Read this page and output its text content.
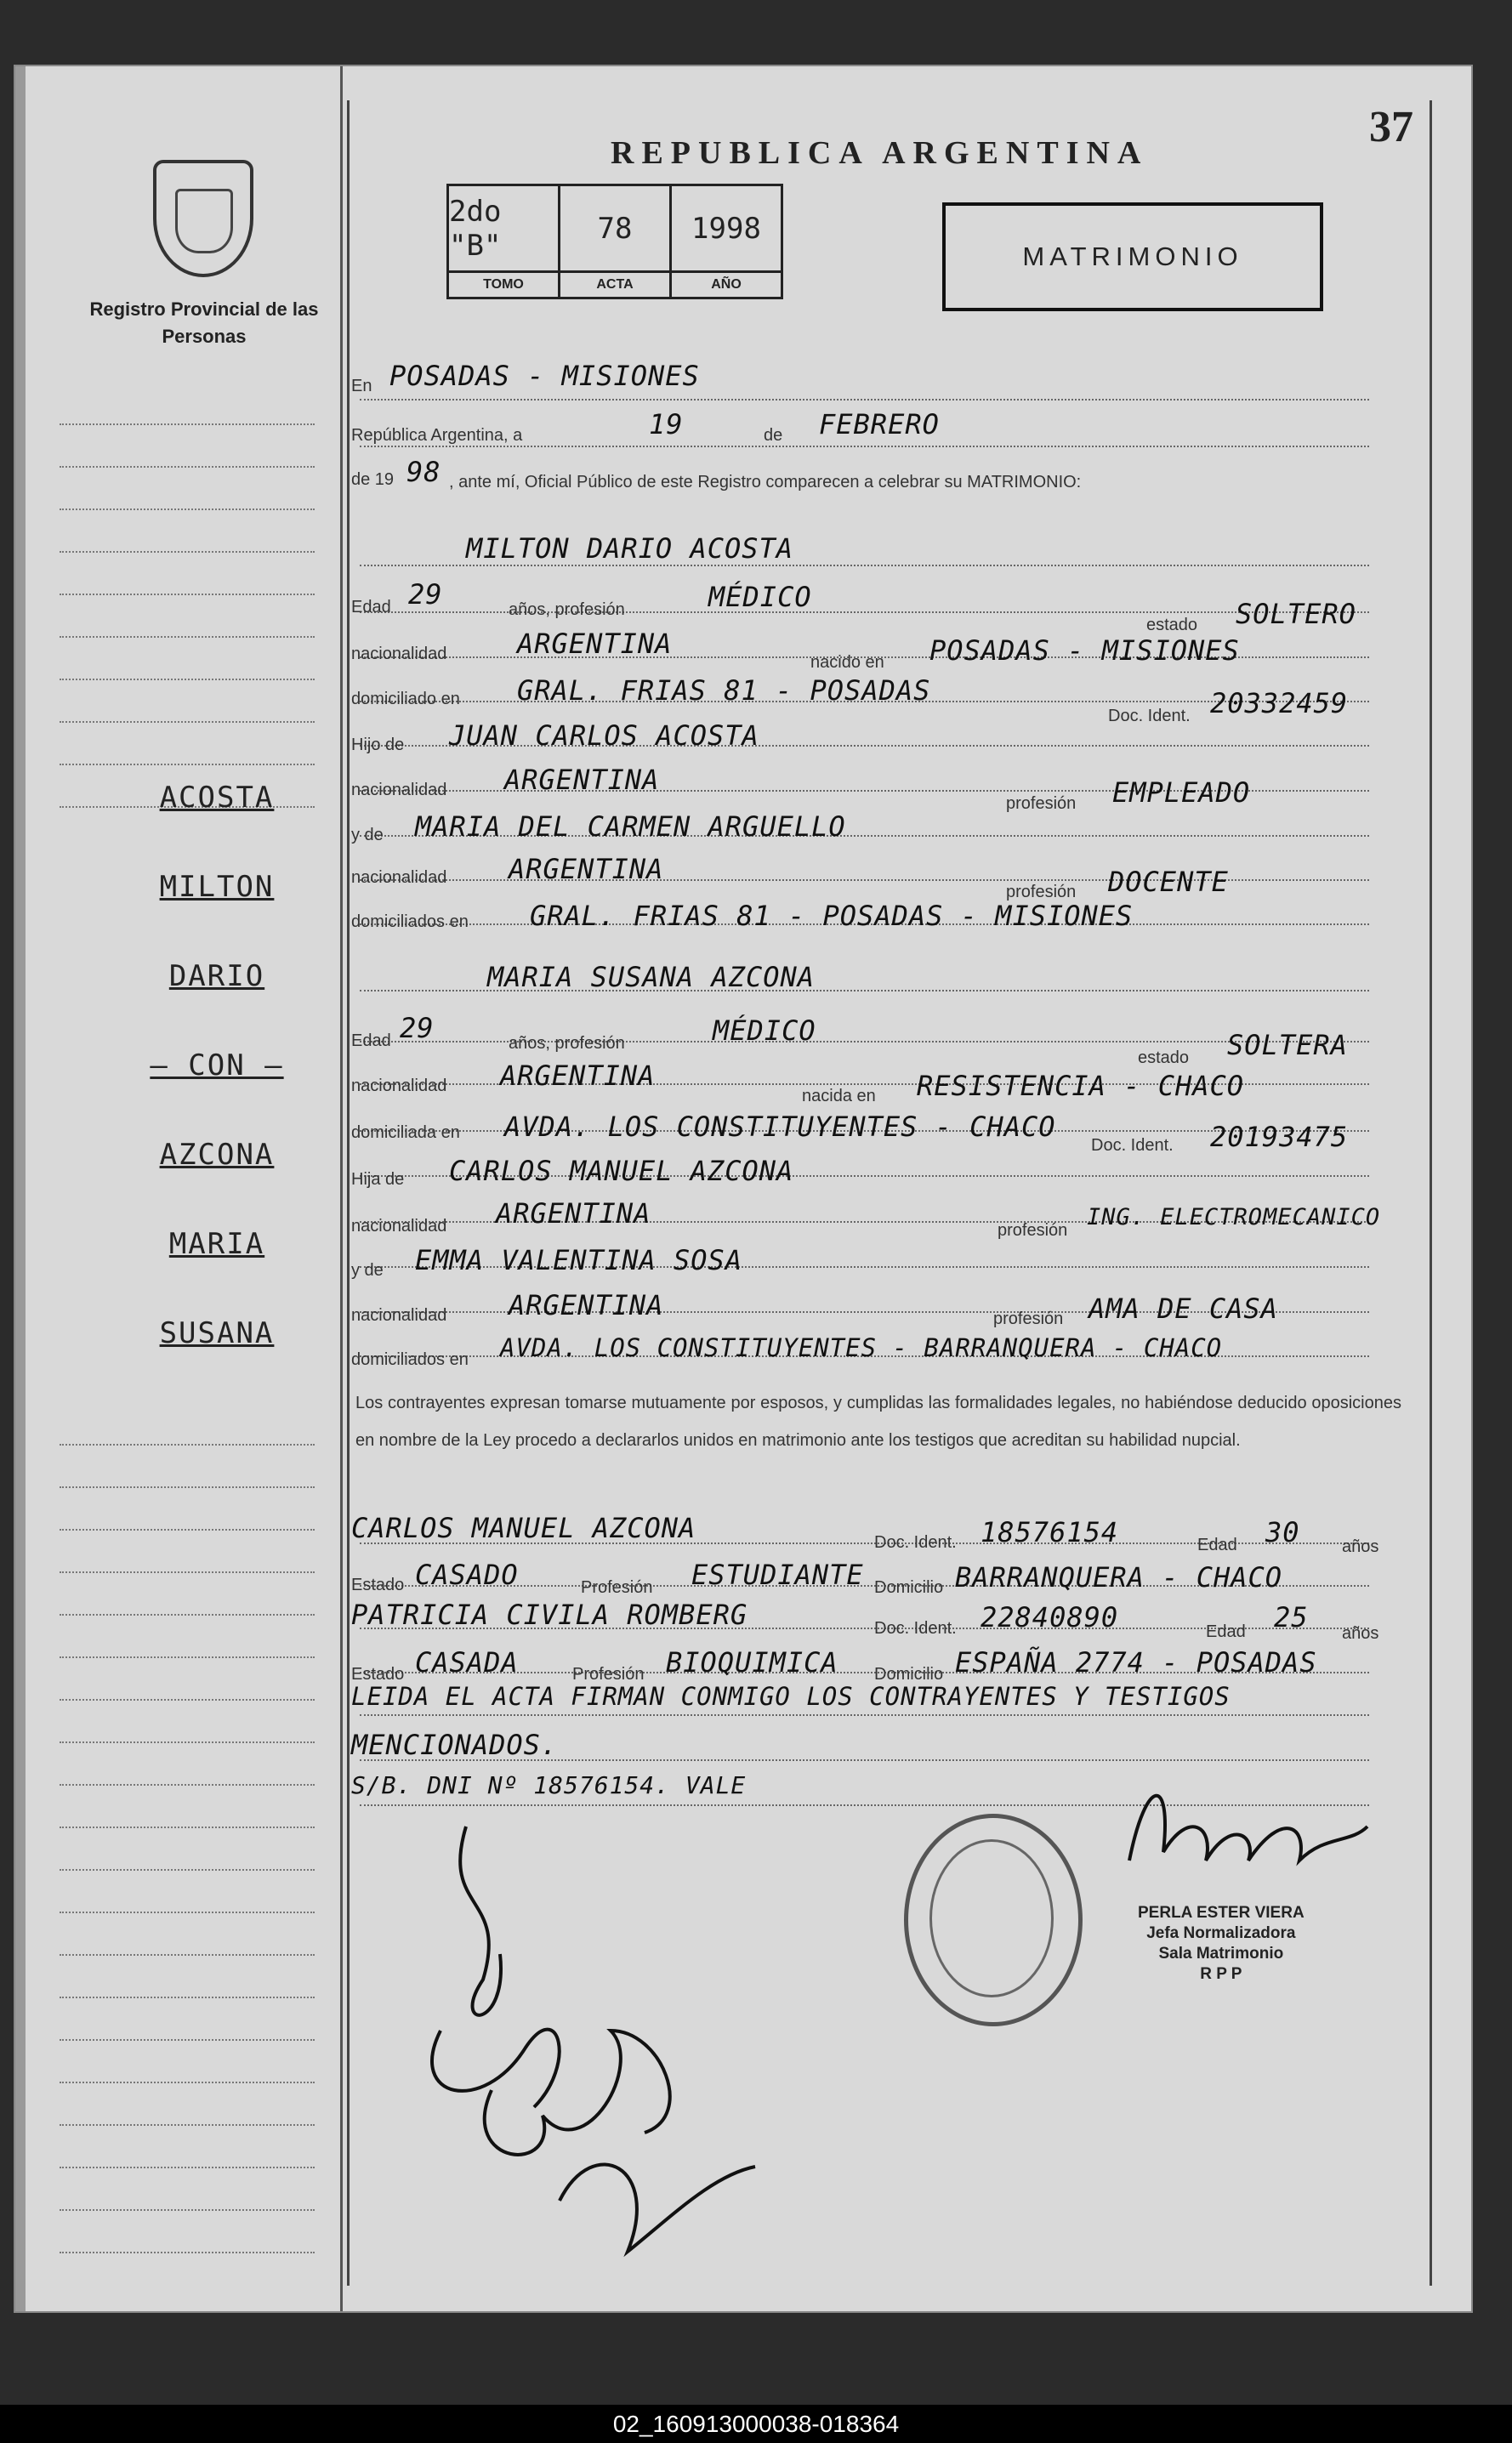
Registro Provincial de las Personas
ACOSTA
MILTON
DARIO
— CON —
AZCONA
MARIA
SUSANA
37
REPUBLICA ARGENTINA
2do "B"
TOMO
78
ACTA
1998
AÑO
MATRIMONIO
En POSADAS - MISIONES
República Argentina, a	19	de FEBRERO
de 19 98 , ante mí, Oficial Público de este Registro comparecen a celebrar su MATRIMONIO:
MILTON DARIO ACOSTA
Edad 29	años, profesión	MÉDICO
estado SOLTERO
nacionalidad	ARGENTINA
nacido en POSADAS - MISIONES
domiciliado en GRAL. FRIAS 81 - POSADAS
Doc. Ident. 20332459
Hijo de JUAN CARLOS ACOSTA
nacionalidad ARGENTINA
profesión EMPLEADO
y de MARIA DEL CARMEN ARGUELLO
nacionalidad ARGENTINA
profesión DOCENTE
domiciliados en GRAL. FRIAS 81 - POSADAS - MISIONES
MARIA SUSANA AZCONA
Edad 29	años, profesión	MÉDICO
estado SOLTERA
nacionalidad ARGENTINA
nacida en RESISTENCIA - CHACO
domiciliada en AVDA. LOS CONSTITUYENTES - CHACO
Doc. Ident. 20193475
Hija de CARLOS MANUEL AZCONA
nacionalidad ARGENTINA
profesión ING. ELECTROMECANICO
y de EMMA VALENTINA SOSA
nacionalidad ARGENTINA	profesión AMA DE CASA
domiciliados en AVDA. LOS CONSTITUYENTES - BARRANQUERA - CHACO
Los contrayentes expresan tomarse mutuamente por esposos, y cumplidas las formalidades legales, no habiéndose deducido oposiciones en nombre de la Ley procedo a declararlos unidos en matrimonio ante los testigos que acreditan su habilidad nupcial.
CARLOS MANUEL AZCONA	Doc. Ident. 18576154	Edad 30 años
Estado CASADO	Profesión ESTUDIANTE Domicilio BARRANQUERA - CHACO
PATRICIA CIVILA ROMBERG	Doc. Ident. 22840890	Edad 25 años
Estado CASADA	Profesión BIOQUIMICA Domicilio ESPAÑA 2774 - POSADAS
LEIDA EL ACTA FIRMAN CONMIGO LOS CONTRAYENTES Y TESTIGOS
MENCIONADOS.
S/B. DNI Nº 18576154. VALE
PERLA ESTER VIERA
Jefa Normalizadora
Sala Matrimonio
R P P
02_160913000038-018364
